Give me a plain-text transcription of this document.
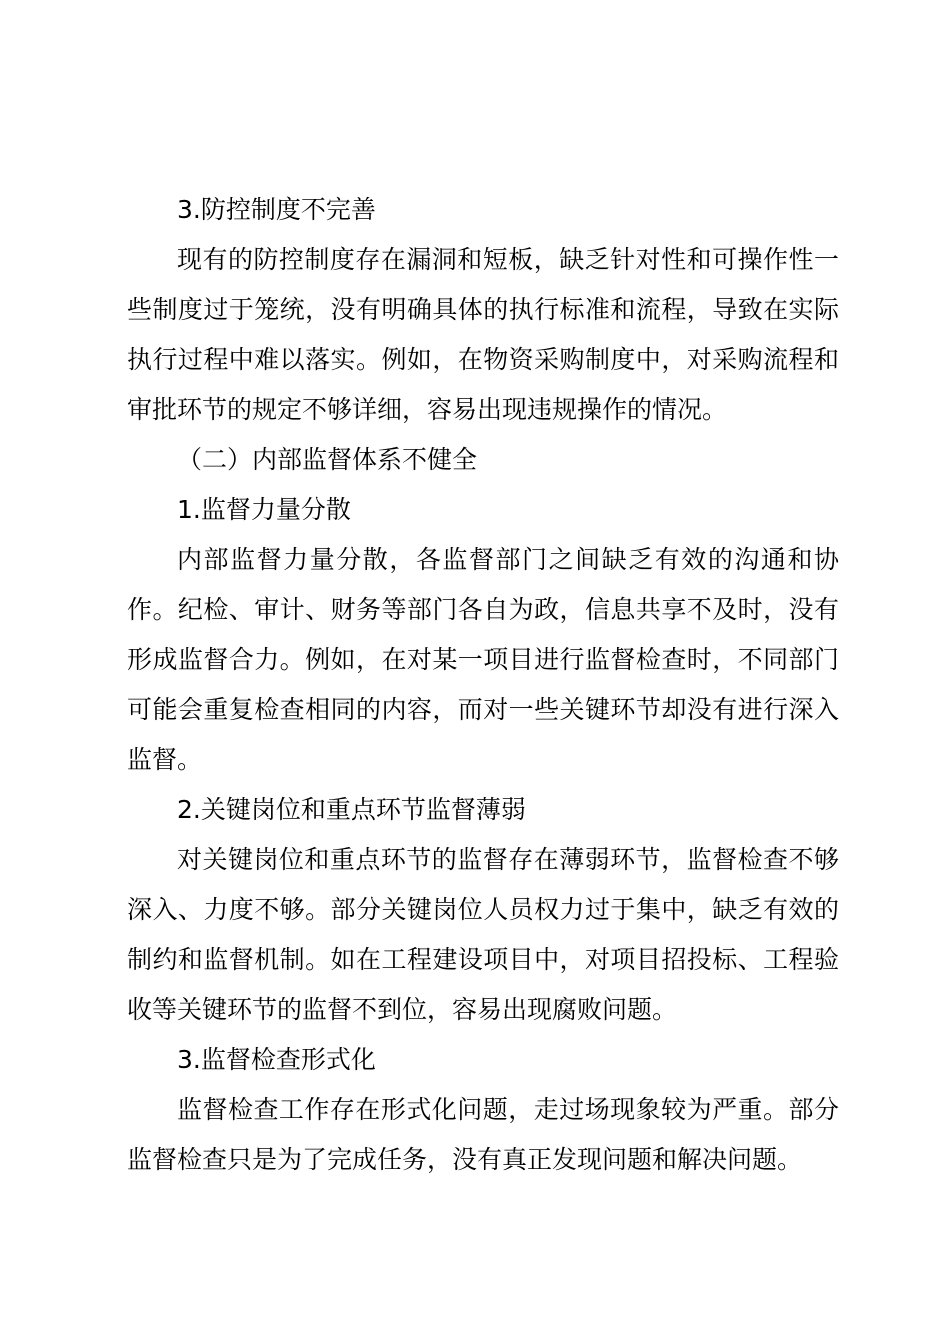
3.防控制度不完善

现有的防控制度存在漏洞和短板，缺乏针对性和可操作性一些制度过于笼统，没有明确具体的执行标准和流程，导致在实际执行过程中难以落实。例如，在物资采购制度中，对采购流程和审批环节的规定不够详细，容易出现违规操作的情况。

（二）内部监督体系不健全

1.监督力量分散

内部监督力量分散，各监督部门之间缺乏有效的沟通和协作。纪检、审计、财务等部门各自为政，信息共享不及时，没有形成监督合力。例如，在对某一项目进行监督检查时，不同部门可能会重复检查相同的内容，而对一些关键环节却没有进行深入监督。

2.关键岗位和重点环节监督薄弱

对关键岗位和重点环节的监督存在薄弱环节，监督检查不够深入、力度不够。部分关键岗位人员权力过于集中，缺乏有效的制约和监督机制。如在工程建设项目中，对项目招投标、工程验收等关键环节的监督不到位，容易出现腐败问题。

3.监督检查形式化

监督检查工作存在形式化问题，走过场现象较为严重。部分监督检查只是为了完成任务，没有真正发现问题和解决问题。
